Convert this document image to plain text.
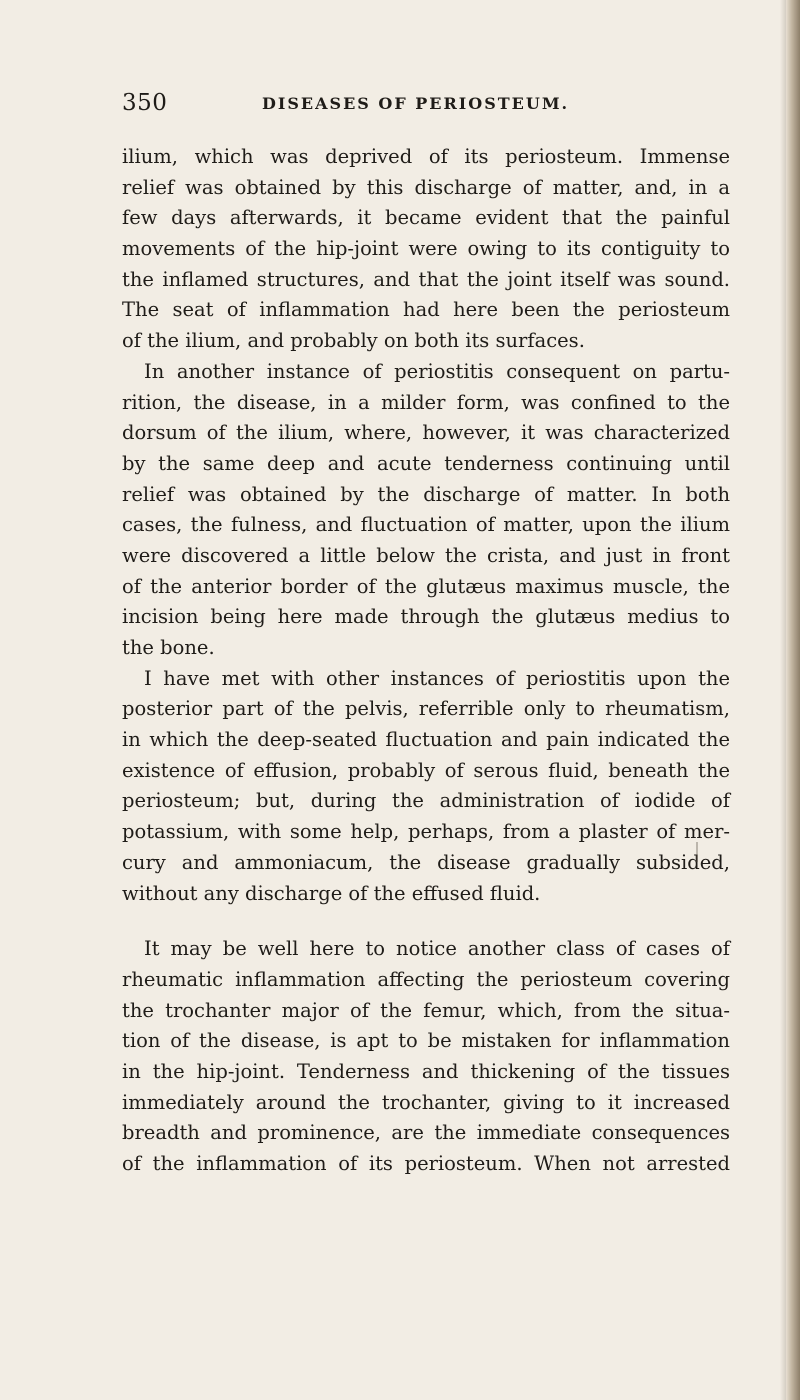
350	DISEASES OF PERIOSTEUM.
ilium, which was deprived of its periosteum. Immense
relief was obtained by this discharge of matter, and, in a
few days afterwards, it became evident that the painful
movements of the hip-joint were owing to its contiguity to
the inflamed structures, and that the joint itself was sound.
The seat of inflammation had here been the periosteum
of the ilium, and probably on both its surfaces.
In another instance of periostitis consequent on partu-
rition, the disease, in a milder form, was confined to the
dorsum of the ilium, where, however, it was characterized
by the same deep and acute tenderness continuing until
relief was obtained by the discharge of matter. In both
cases, the fulness, and fluctuation of matter, upon the ilium
were discovered a little below the crista, and just in front
of the anterior border of the glutæus maximus muscle, the
incision being here made through the glutæus medius to
the bone.
I have met with other instances of periostitis upon the
posterior part of the pelvis, referrible only to rheumatism,
in which the deep-seated fluctuation and pain indicated the
existence of effusion, probably of serous fluid, beneath the
periosteum; but, during the administration of iodide of
potassium, with some help, perhaps, from a plaster of mer-
cury and ammoniacum, the disease gradually subsided,
without any discharge of the effused fluid.
It may be well here to notice another class of cases of
rheumatic inflammation affecting the periosteum covering
the trochanter major of the femur, which, from the situa-
tion of the disease, is apt to be mistaken for inflammation
in the hip-joint. Tenderness and thickening of the tissues
immediately around the trochanter, giving to it increased
breadth and prominence, are the immediate consequences
of the inflammation of its periosteum. When not arrested
